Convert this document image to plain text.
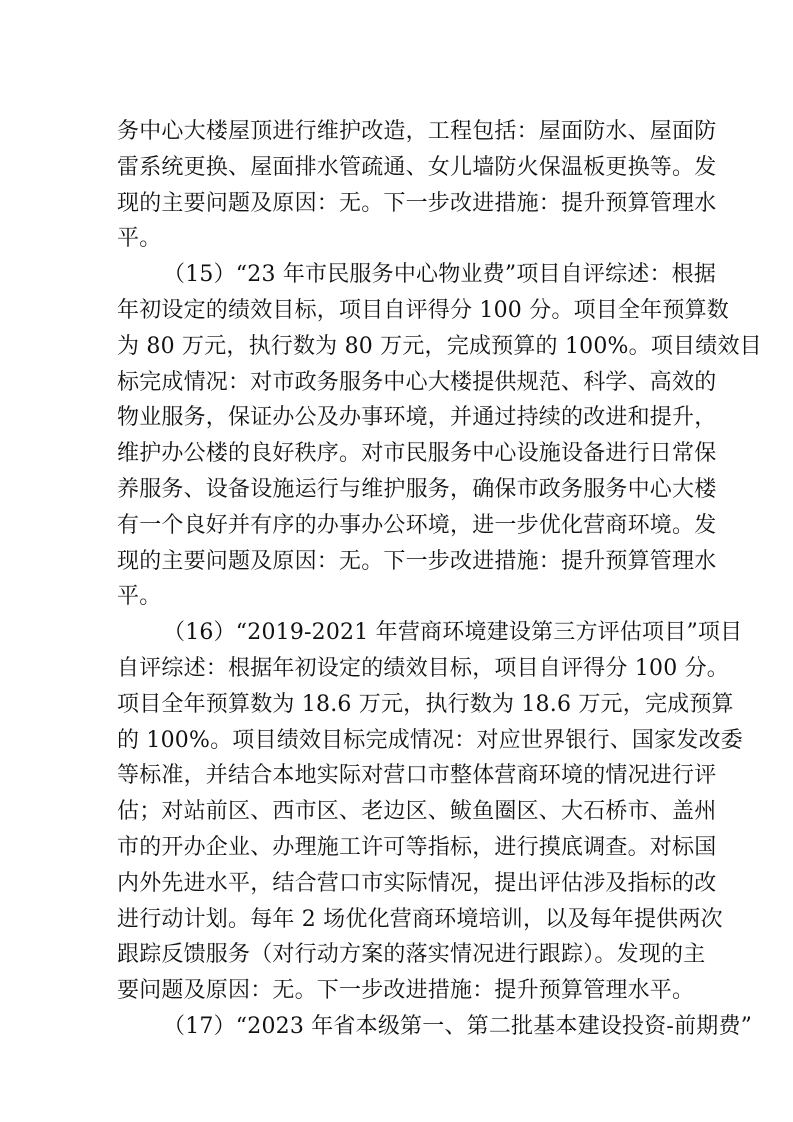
务中心大楼屋顶进行维护改造，工程包括：屋面防水、屋面防
雷系统更换、屋面排水管疏通、女儿墙防火保温板更换等。发
现的主要问题及原因：无。下一步改进措施：提升预算管理水
平。
（15）“23 年市民服务中心物业费”项目自评综述：根据
年初设定的绩效目标，项目自评得分 100 分。项目全年预算数
为 80 万元，执行数为 80 万元，完成预算的 100%。项目绩效目
标完成情况：对市政务服务中心大楼提供规范、科学、高效的
物业服务，保证办公及办事环境，并通过持续的改进和提升，
维护办公楼的良好秩序。对市民服务中心设施设备进行日常保
养服务、设备设施运行与维护服务，确保市政务服务中心大楼
有一个良好并有序的办事办公环境，进一步优化营商环境。发
现的主要问题及原因：无。下一步改进措施：提升预算管理水
平。
（16）“2019-2021 年营商环境建设第三方评估项目”项目
自评综述：根据年初设定的绩效目标，项目自评得分 100 分。
项目全年预算数为 18.6 万元，执行数为 18.6 万元，完成预算
的 100%。项目绩效目标完成情况：对应世界银行、国家发改委
等标准，并结合本地实际对营口市整体营商环境的情况进行评
估；对站前区、西市区、老边区、鲅鱼圈区、大石桥市、盖州
市的开办企业、办理施工许可等指标，进行摸底调查。对标国
内外先进水平，结合营口市实际情况，提出评估涉及指标的改
进行动计划。每年 2 场优化营商环境培训，以及每年提供两次
跟踪反馈服务（对行动方案的落实情况进行跟踪）。发现的主
要问题及原因：无。下一步改进措施：提升预算管理水平。
（17）“2023 年省本级第一、第二批基本建设投资-前期费”
